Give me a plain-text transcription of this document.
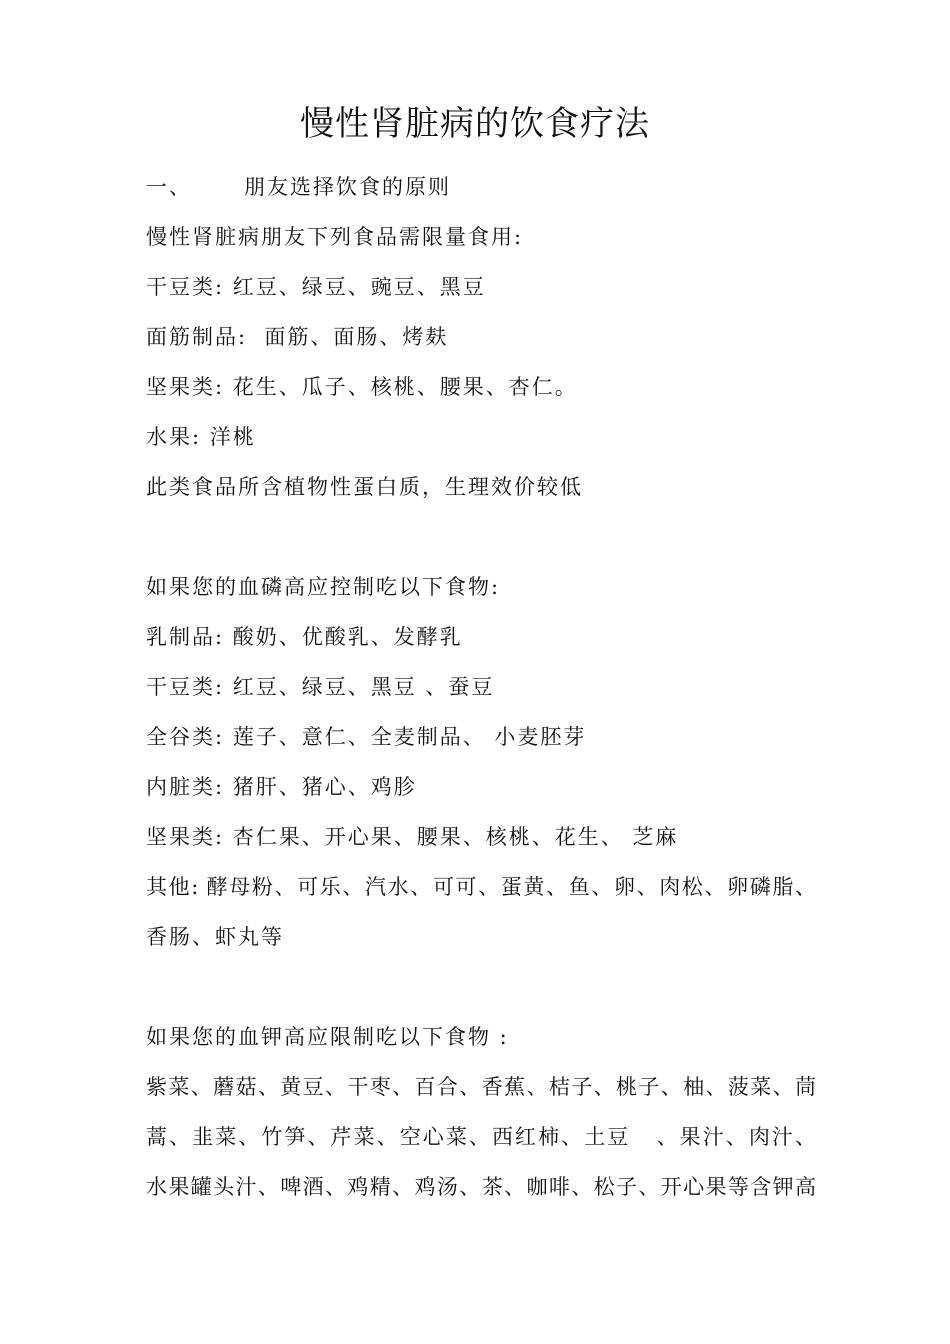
慢性肾脏病的饮食疗法
一、      朋友选择饮食的原则
慢性肾脏病朋友下列食品需限量食用:
干豆类: 红豆、绿豆、豌豆、黑豆
面筋制品:  面筋、面肠、烤麸
坚果类: 花生、瓜子、核桃、腰果、杏仁。
水果: 洋桃
此类食品所含植物性蛋白质，生理效价较低
如果您的血磷高应控制吃以下食物:
乳制品: 酸奶、优酸乳、发酵乳
干豆类: 红豆、绿豆、黑豆 、蚕豆
全谷类: 莲子、意仁、全麦制品、 小麦胚芽
内脏类: 猪肝、猪心、鸡胗
坚果类: 杏仁果、开心果、腰果、核桃、花生、 芝麻
其他: 酵母粉、可乐、汽水、可可、蛋黄、鱼、卵、肉松、卵磷脂、
香肠、虾丸等
如果您的血钾高应限制吃以下食物 :
紫菜、蘑菇、黄豆、干枣、百合、香蕉、桔子、桃子、柚、菠菜、茼
蒿、韭菜、竹笋、芹菜、空心菜、西红柿、土豆   、果汁、肉汁、
水果罐头汁、啤酒、鸡精、鸡汤、茶、咖啡、松子、开心果等含钾高
